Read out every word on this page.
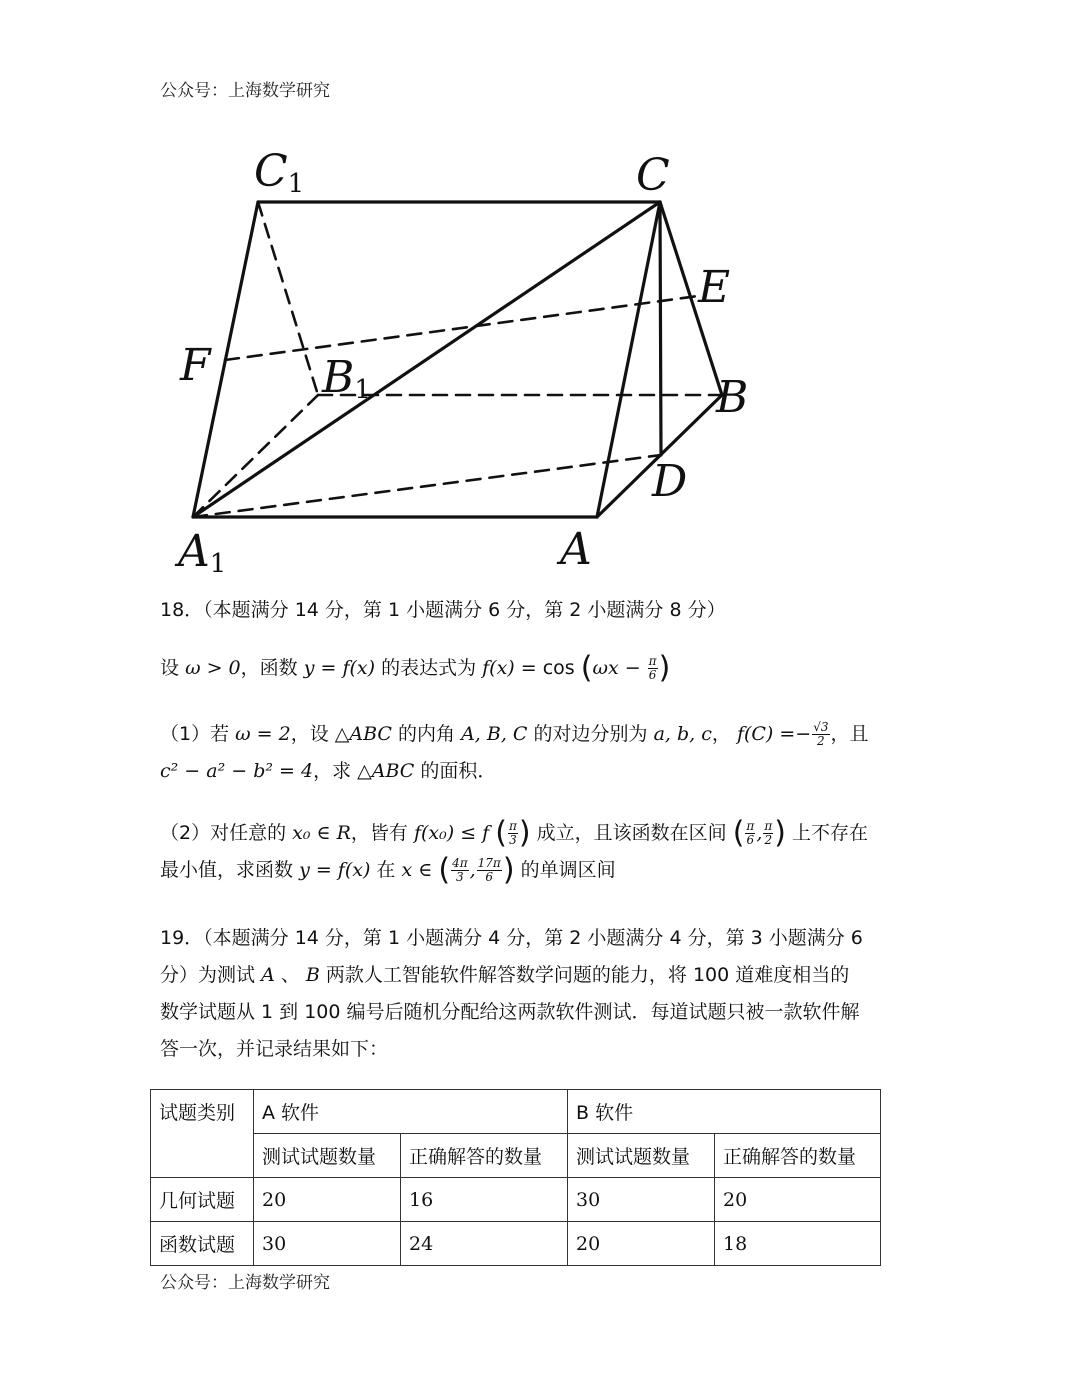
公众号：上海数学研究
C1	C
E
F	B1	B
D
A1	A
18．（本题满分 14 分，第 1 小题满分 6 分，第 2 小题满分 8 分）
设 ω > 0，函数 y = f(x) 的表达式为 $f(x) = \cos (\omega x - \frac{\pi}{6}$ )
（1）若 ω = 2，设 △ABC 的内角 A, B, C 的对边分别为 a, b, c， $f(C) =- \frac{√3}{2}$ ，且
c² − a² − b² = 4，求 △ABC 的面积．
（2）对任意的 x₀ ∈ R，皆有 f(x₀) ≤ f ( $\frac{\pi}{3}$ ) 成立，且该函数在区间 ( $\frac{\pi}{6}$ , $\frac{\pi}{2}$ ) 上不存在
最小值，求函数 y = f(x) 在 x ∈ ( $\frac{4\pi}{3}$ , $\frac{17\pi}{6}$ ) 的单调区间
19．（本题满分 14 分，第 1 小题满分 4 分，第 2 小题满分 4 分，第 3 小题满分 6
分）为测试 A 、 B 两款人工智能软件解答数学问题的能力，将 100 道难度相当的
数学试题从 1 到 100 编号后随机分配给这两款软件测试．每道试题只被一款软件解
答一次，并记录结果如下：
试题类别	A 软件		B 软件	
	测试试题数量	正确解答的数量	测试试题数量	正确解答的数量
几何试题	20	16	30	20
函数试题	30	24	20	18
公众号：上海数学研究
